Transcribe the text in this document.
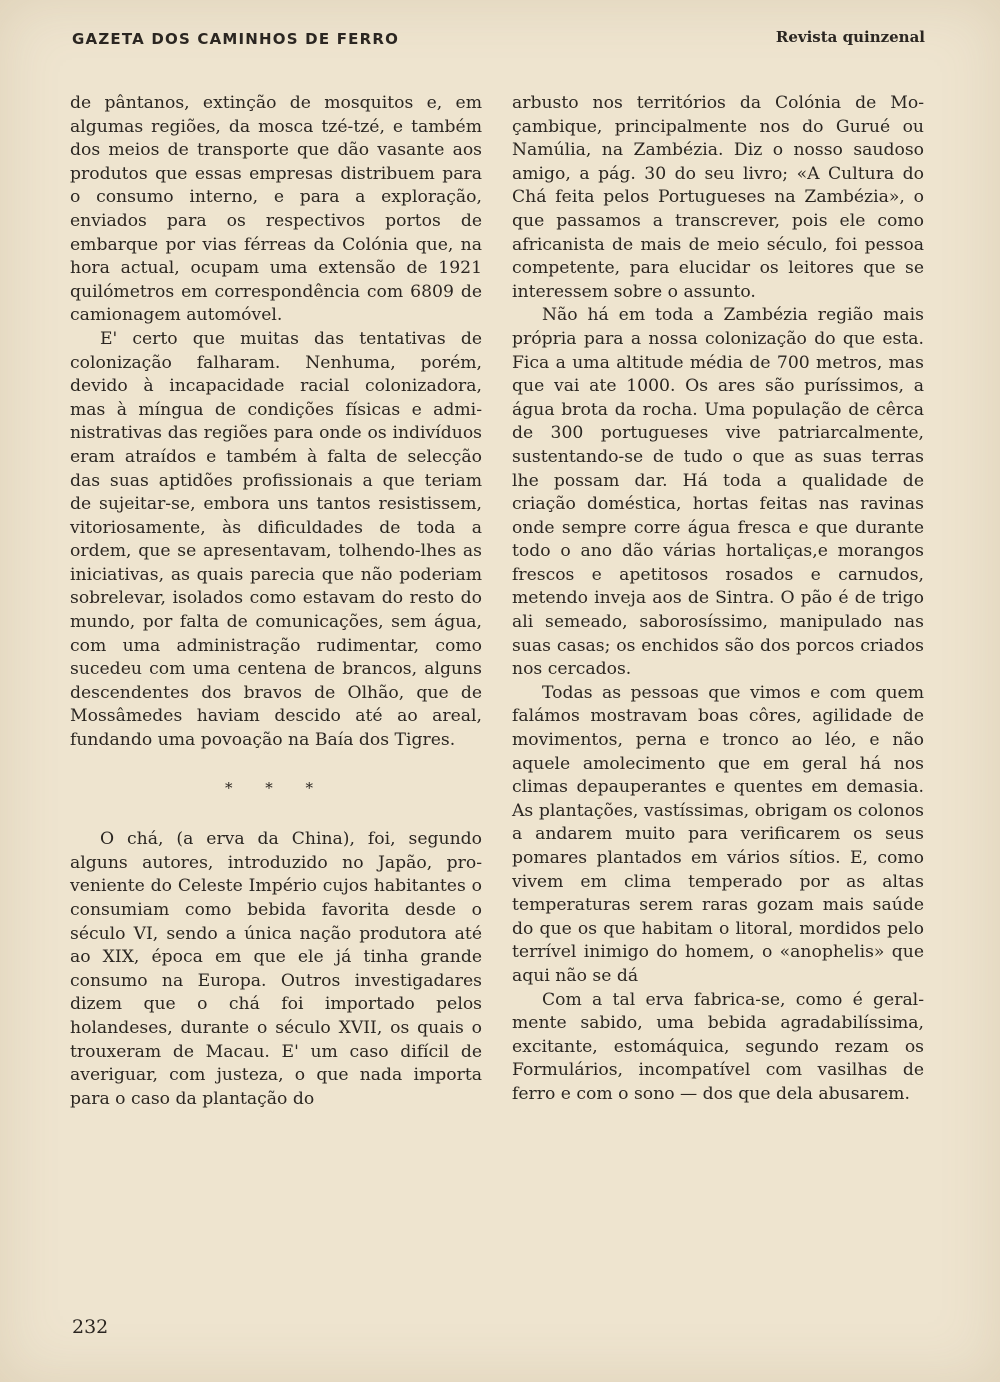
GAZETA DOS CAMINHOS DE FERRO	Revista quinzenal

de pântanos, extinção de mosquitos e, em algumas regiões, da mosca tzé-tzé, e também dos meios de transporte que dão vasante aos produtos que essas empresas distribuem para o consumo interno, e para a exploração, enviados para os respectivos portos de embarque por vias férreas da Colónia que, na hora actual, ocupam uma extensão de 1921 quilómetros em correspondência com 6809 de camionagem automóvel.

E' certo que muitas das tentativas de colonização falharam. Nenhuma, porém, devido à incapacidade racial colonizadora, mas à míngua de condições físicas e administrativas das regiões para onde os indivíduos eram atraídos e também à falta de selecção das suas aptidões profissionais a que teriam de sujeitar-se, embora uns tantos resistissem, vitoriosamente, às dificuldades de toda a ordem, que se apresentavam, tolhendo-lhes as iniciativas, as quais parecia que não poderiam sobrelevar, isolados como estavam do resto do mundo, por falta de comunicações, sem água, com uma administração rudimentar, como sucedeu com uma centena de brancos, alguns descendentes dos bravos de Olhão, que de Mossâmedes haviam descido até ao areal, fundando uma povoação na Baía dos Tigres.

* * *

O chá, (a erva da China), foi, segundo alguns autores, introduzido no Japão, proveniente do Celeste Império cujos habitantes o consumiam como bebida favorita desde o século VI, sendo a única nação produtora até ao XIX, época em que ele já tinha grande consumo na Europa. Outros investigadares dizem que o chá foi importado pelos holandeses, durante o século XVII, os quais o trouxeram de Macau. E' um caso difícil de averiguar, com justeza, o que nada importa para o caso da plantação do

arbusto nos territórios da Colónia de Moçambique, principalmente nos do Gurué ou Namúlia, na Zambézia. Diz o nosso saudoso amigo, a pág. 30 do seu livro; «A Cultura do Chá feita pelos Portugueses na Zambézia», o que passamos a transcrever, pois ele como africanista de mais de meio século, foi pessoa competente, para elucidar os leitores que se interessem sobre o assunto.

Não há em toda a Zambézia região mais própria para a nossa colonização do que esta. Fica a uma altitude média de 700 metros, mas que vai ate 1000. Os ares são puríssimos, a água brota da rocha. Uma população de cêrca de 300 portugueses vive patriarcalmente, sustentando-se de tudo o que as suas terras lhe possam dar. Há toda a qualidade de criação doméstica, hortas feitas nas ravinas onde sempre corre água fresca e que durante todo o ano dão várias hortaliças,e morangos frescos e apetitosos rosados e carnudos, metendo inveja aos de Sintra. O pão é de trigo ali semeado, saborosíssimo, manipulado nas suas casas; os enchidos são dos porcos criados nos cercados.

Todas as pessoas que vimos e com quem falámos mostravam boas côres, agilidade de movimentos, perna e tronco ao léo, e não aquele amolecimento que em geral há nos climas depauperantes e quentes em demasia. As plantações, vastíssimas, obrigam os colonos a andarem muito para verificarem os seus pomares plantados em vários sítios. E, como vivem em clima temperado por as altas temperaturas serem raras gozam mais saúde do que os que habitam o litoral, mordidos pelo terrível inimigo do homem, o «anophelis» que aqui não se dá

Com a tal erva fabrica-se, como é geralmente sabido, uma bebida agradabilíssima, excitante, estomáquica, segundo rezam os Formulários, incompatível com vasilhas de ferro e com o sono — dos que dela abusarem.

232
